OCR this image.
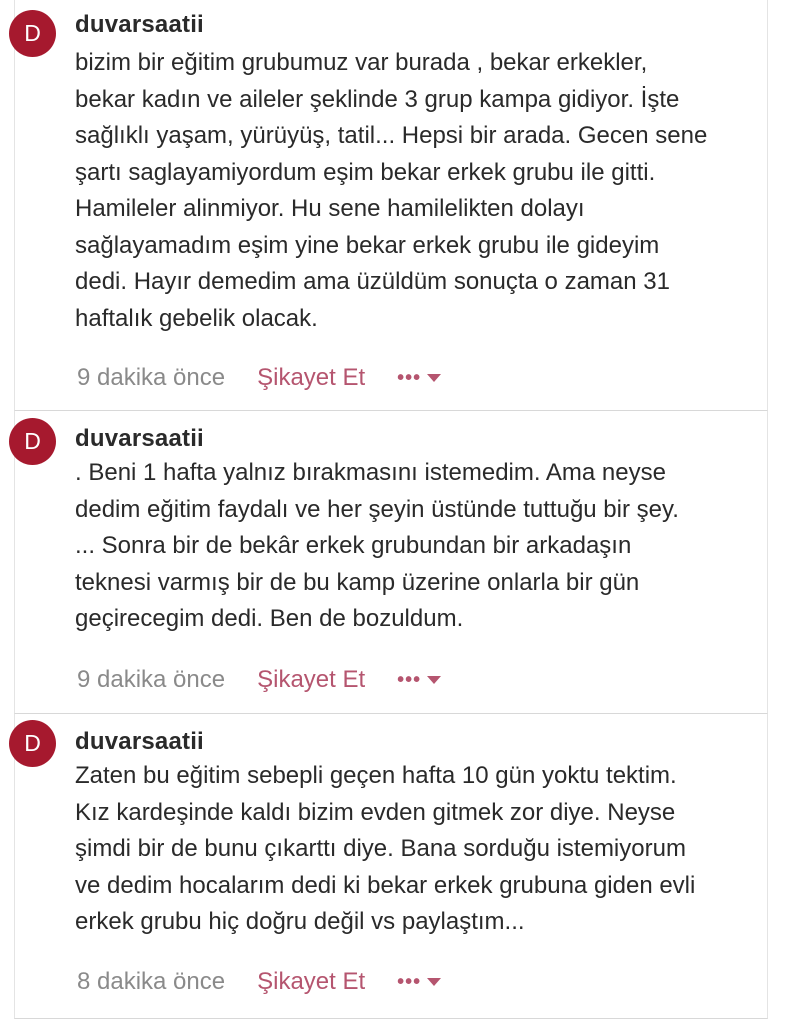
D	duvarsaatii

bizim bir eğitim grubumuz var burada , bekar erkekler,
bekar kadın ve aileler şeklinde 3 grup kampa gidiyor. İşte
sağlıklı yaşam, yürüyüş, tatil... Hepsi bir arada. Gecen sene
şartı saglayamiyordum eşim bekar erkek grubu ile gitti.
Hamileler alinmiyor. Hu sene hamilelikten dolayı
sağlayamadım eşim yine bekar erkek grubu ile gideyim
dedi. Hayır demedim ama üzüldüm sonuçta o zaman 31
haftalık gebelik olacak.

9 dakika önce Şikayet Et •••
D	duvarsaatii

. Beni 1 hafta yalnız bırakmasını istemedim. Ama neyse
dedim eğitim faydalı ve her şeyin üstünde tuttuğu bir şey.
... Sonra bir de bekâr erkek grubundan bir arkadaşın
teknesi varmış bir de bu kamp üzerine onlarla bir gün
geçirecegim dedi. Ben de bozuldum.

9 dakika önce Şikayet Et •••
D	duvarsaatii

Zaten bu eğitim sebepli geçen hafta 10 gün yoktu tektim.
Kız kardeşinde kaldı bizim evden gitmek zor diye. Neyse
şimdi bir de bunu çıkarttı diye. Bana sorduğu istemiyorum
ve dedim hocalarım dedi ki bekar erkek grubuna giden evli
erkek grubu hiç doğru değil vs paylaştım...

8 dakika önce Şikayet Et •••
